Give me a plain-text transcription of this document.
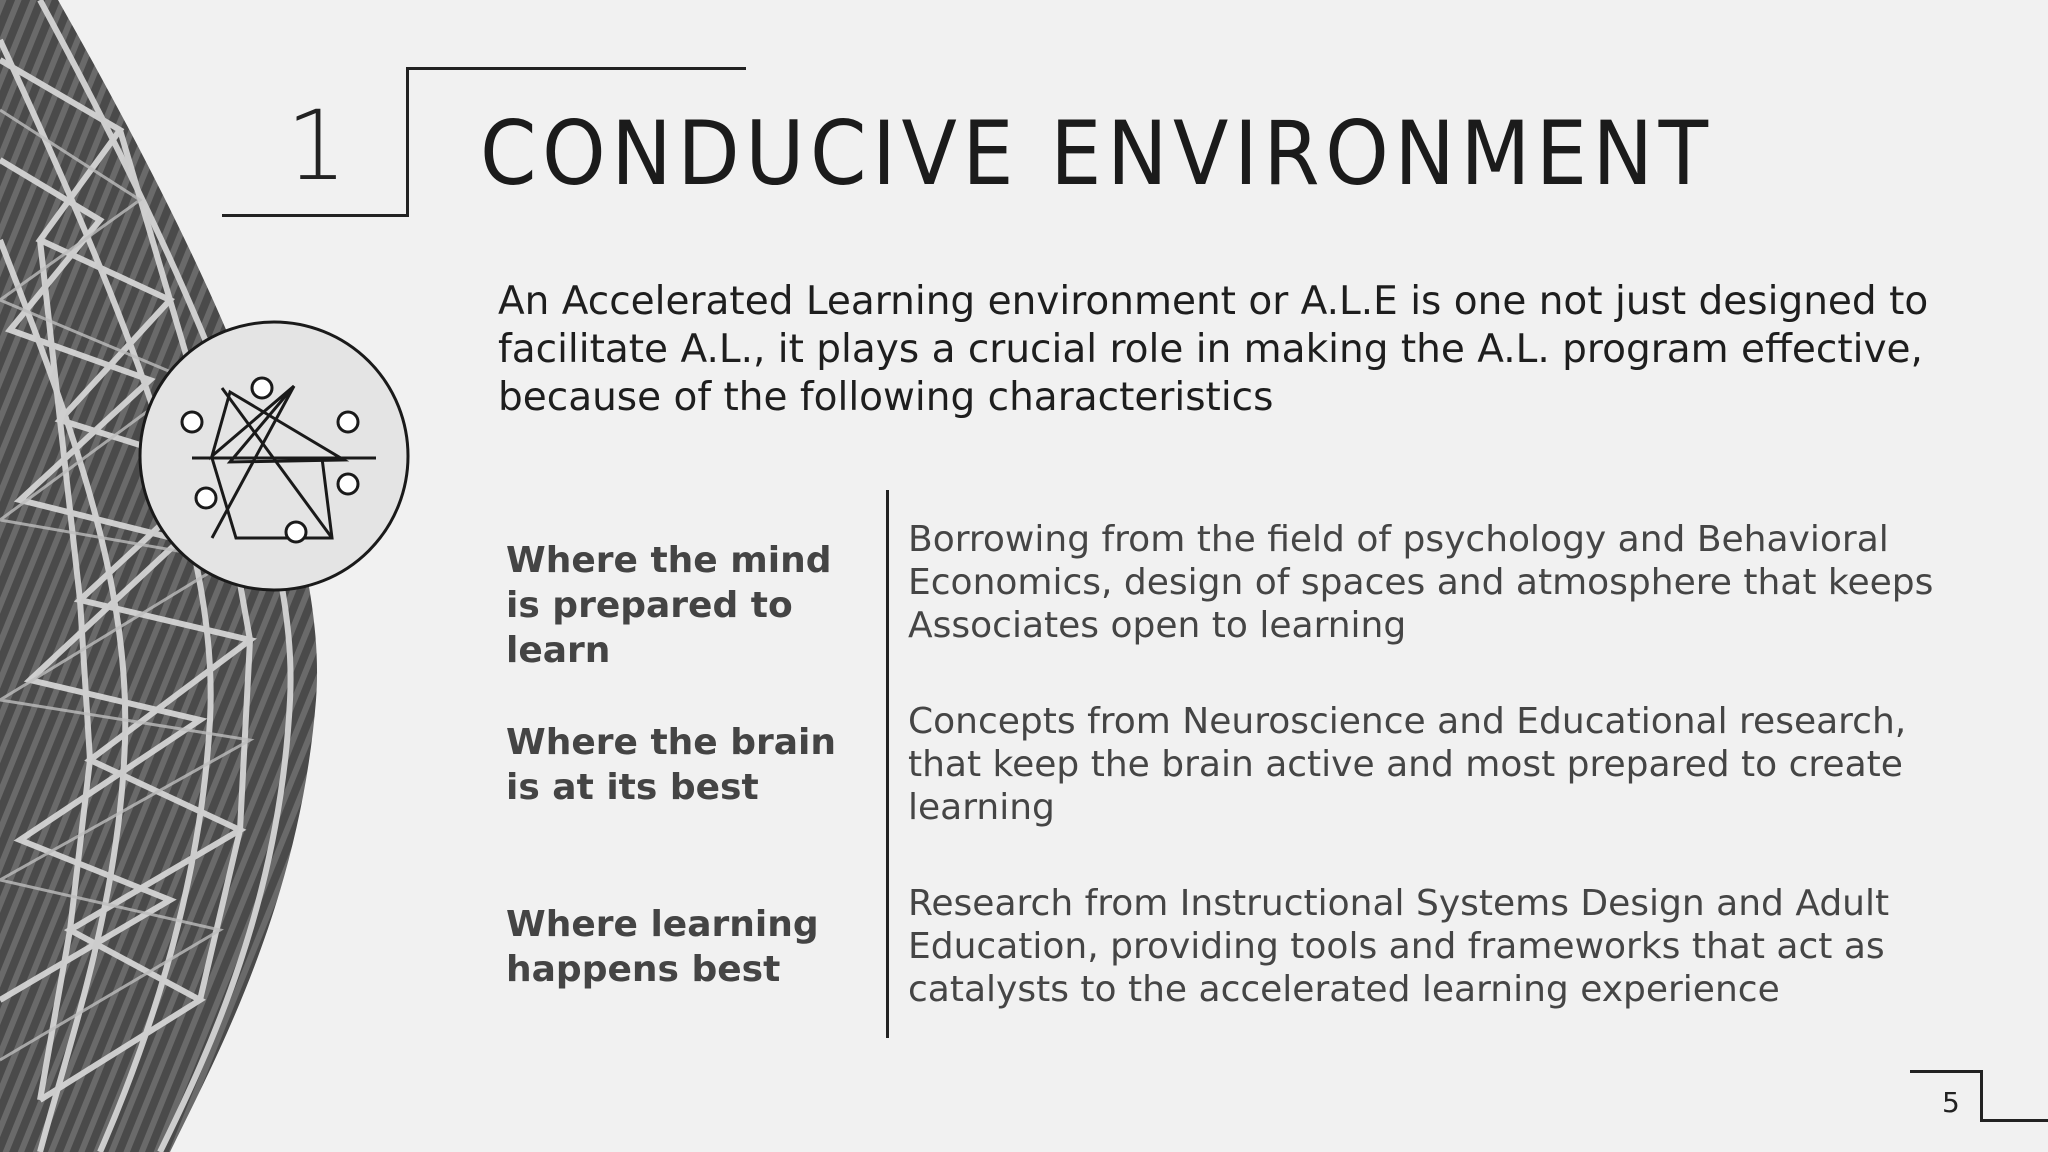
1 CONDUCIVE ENVIRONMENT
An Accelerated Learning environment or A.L.E is one not just designed to facilitate A.L., it plays a crucial role in making the A.L. program effective, because of the following characteristics
Where the mind is prepared to learn
Borrowing from the field of psychology and Behavioral Economics, design of spaces and atmosphere that keeps Associates open to learning
Where the brain is at its best
Concepts from Neuroscience and Educational research, that keep the brain active and most prepared to create learning
Where learning happens best
Research from Instructional Systems Design and Adult Education, providing tools and frameworks that act as catalysts to the accelerated learning experience
5
